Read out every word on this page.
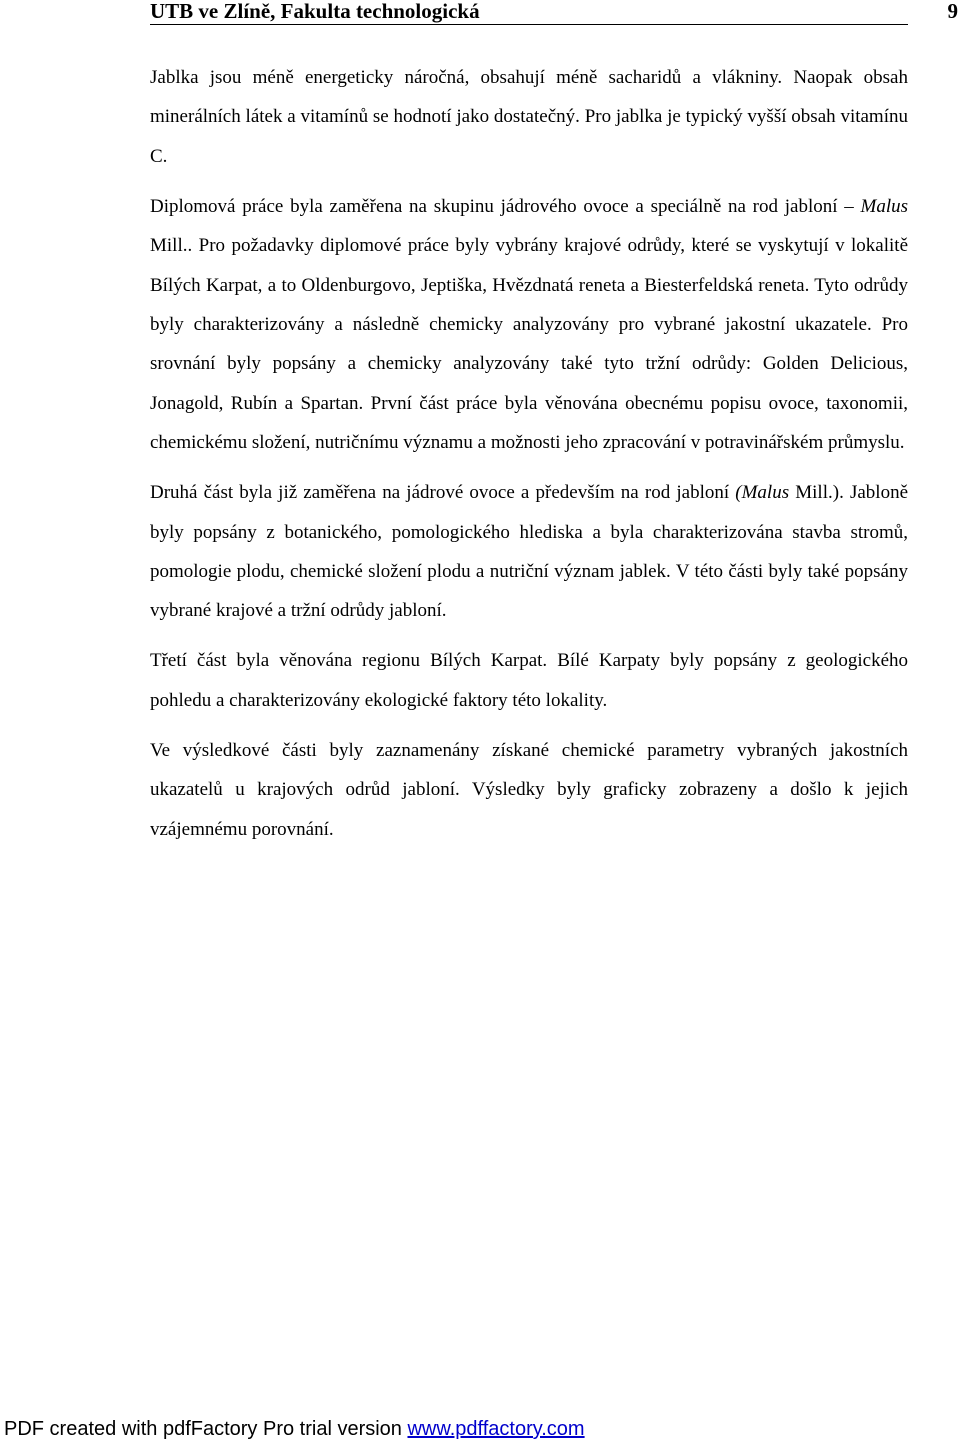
UTB ve Zlíně, Fakulta technologická	9

Jablka jsou méně energeticky náročná, obsahují méně sacharidů a vlákniny. Naopak obsah minerálních látek a vitamínů se hodnotí jako dostatečný. Pro jablka je typický vyšší obsah vitamínu C.

Diplomová práce byla zaměřena na skupinu jádrového ovoce a speciálně na rod jabloní – Malus Mill.. Pro požadavky diplomové práce byly vybrány krajové odrůdy, které se vyskytují v lokalitě Bílých Karpat, a to Oldenburgovo, Jeptiška, Hvězdnatá reneta a Biesterfeldská reneta. Tyto odrůdy byly charakterizovány a následně chemicky analyzovány pro vybrané jakostní ukazatele. Pro srovnání byly popsány a chemicky analyzovány také tyto tržní odrůdy: Golden Delicious, Jonagold, Rubín a Spartan. První část práce byla věnována obecnému popisu ovoce, taxonomii, chemickému složení, nutričnímu významu a možnosti jeho zpracování v potravinářském průmyslu.

Druhá část byla již zaměřena na jádrové ovoce a především na rod jabloní (Malus Mill.). Jabloně byly popsány z botanického, pomologického hlediska a byla charakterizována stavba stromů, pomologie plodu, chemické složení plodu a nutriční význam jablek. V této části byly také popsány vybrané krajové a tržní odrůdy jabloní.

Třetí část byla věnována regionu Bílých Karpat. Bílé Karpaty byly popsány z geologického pohledu a charakterizovány ekologické faktory této lokality.

Ve výsledkové části byly zaznamenány získané chemické parametry vybraných jakostních ukazatelů u krajových odrůd jabloní. Výsledky byly graficky zobrazeny a došlo k jejich vzájemnému porovnání.

PDF created with pdfFactory Pro trial version www.pdffactory.com
